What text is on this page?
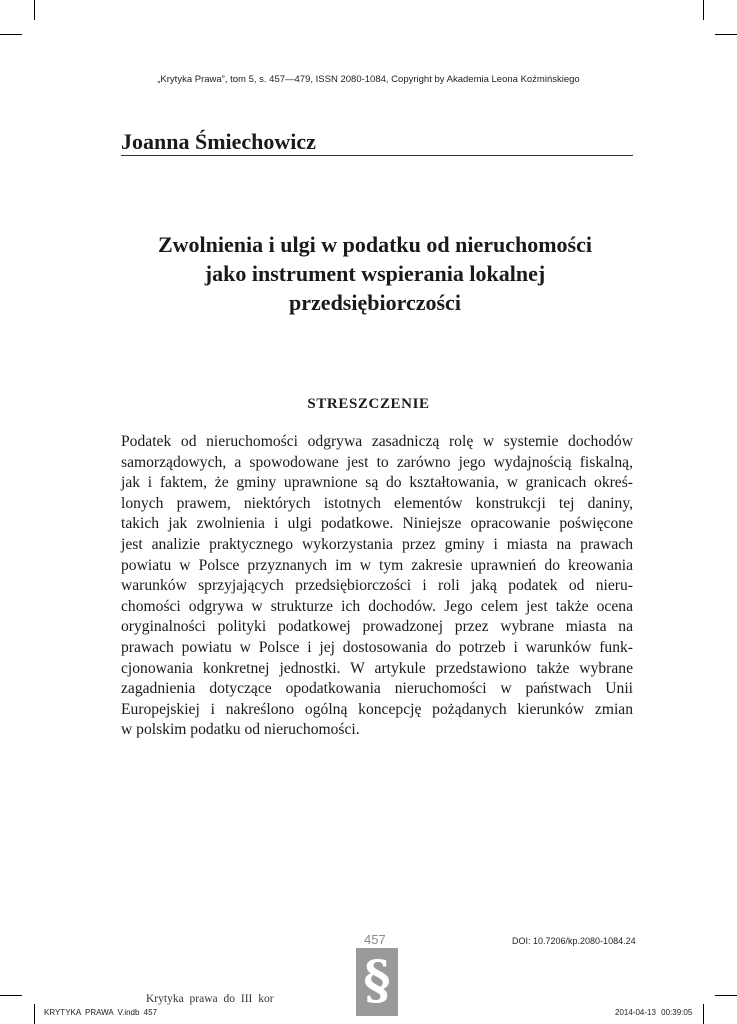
„Krytyka Prawa”, tom 5, s. 457—479, ISSN 2080-1084, Copyright by Akademia Leona Koźmińskiego
Joanna Śmiechowicz
Zwolnienia i ulgi w podatku od nieruchomości
jako instrument wspierania lokalnej
przedsiębiorczości
STRESZCZENIE
Podatek od nieruchomości odgrywa zasadniczą rolę w systemie dochodów
samorządowych, a spowodowane jest to zarówno jego wydajnością fiskalną,
jak i faktem, że gminy uprawnione są do kształtowania, w granicach okreś-
lonych prawem, niektórych istotnych elementów konstrukcji tej daniny,
takich jak zwolnienia i ulgi podatkowe. Niniejsze opracowanie poświęcone
jest analizie praktycznego wykorzystania przez gminy i miasta na prawach
powiatu w Polsce przyznanych im w tym zakresie uprawnień do kreowania
warunków sprzyjających przedsiębiorczości i roli jaką podatek od nieru-
chomości odgrywa w strukturze ich dochodów. Jego celem jest także ocena
oryginalności polityki podatkowej prowadzonej przez wybrane miasta na
prawach powiatu w Polsce i jej dostosowania do potrzeb i warunków funk-
cjonowania konkretnej jednostki. W artykule przedstawiono także wybrane
zagadnienia dotyczące opodatkowania nieruchomości w państwach Unii
Europejskiej i nakreślono ogólną koncepcję pożądanych kierunków zmian
w polskim podatku od nieruchomości.
457	DOI: 10.7206/kp.2080-1084.24
§
Krytyka prawa do III kor
KRYTYKA PRAWA V.indb 457	2014-04-13 00:39:05
